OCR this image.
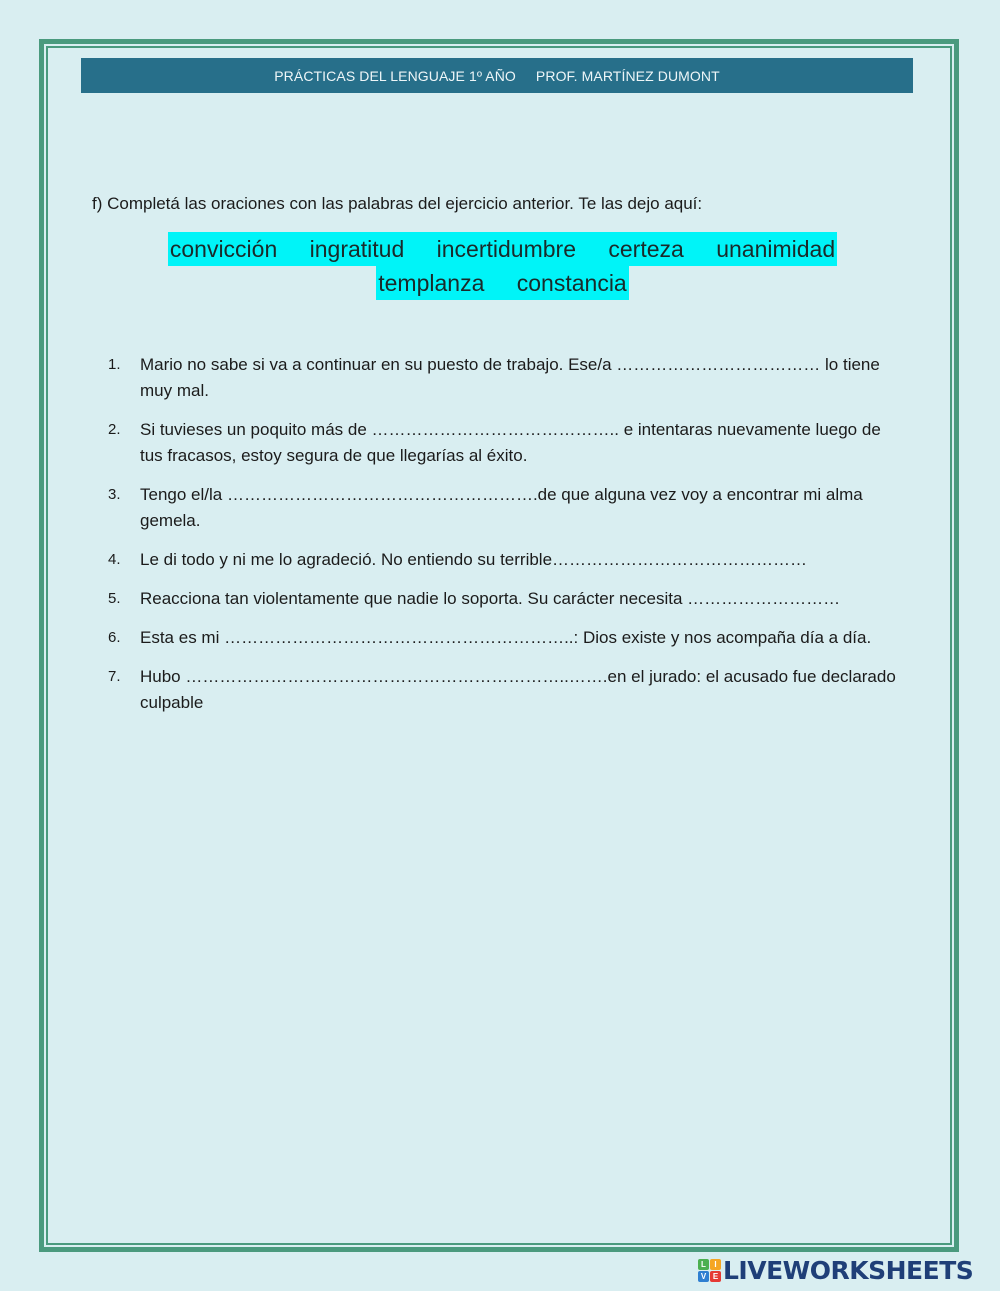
PRÁCTICAS DEL LENGUAJE 1º AÑO PROF. MARTÍNEZ DUMONT
f) Completá las oraciones con las palabras del ejercicio anterior. Te las dejo aquí:
convicción ingratitud incertidumbre certeza unanimidad
templanza constancia
1. Mario no sabe si va a continuar en su puesto de trabajo. Ese/a ……………………………… lo tiene muy mal.
2. Si tuvieses un poquito más de …………………………………….. e intentaras nuevamente luego de tus fracasos, estoy segura de que llegarías al éxito.
3. Tengo el/la ……………………………………………….de que alguna vez voy a encontrar mi alma gemela.
4. Le di todo y ni me lo agradeció. No entiendo su terrible………………………………………
5. Reacciona tan violentamente que nadie lo soporta. Su carácter necesita ………………………
6. Esta es mi ……………………………………………………..: Dios existe y nos acompaña día a día.
7. Hubo …………………………………………………………..…….en el jurado: el acusado fue declarado culpable
L	I
V E LIVEWORKSHEETS
